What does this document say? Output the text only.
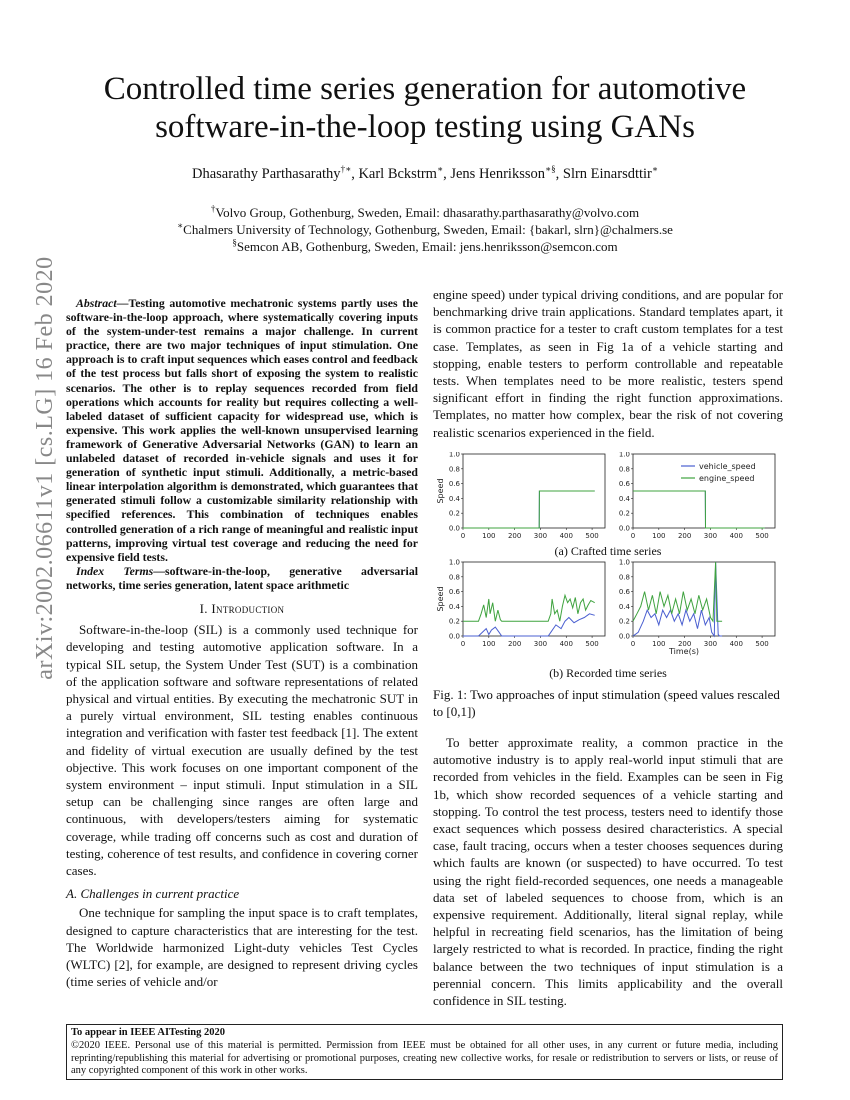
Controlled time series generation for automotive software-in-the-loop testing using GANs
Dhasarathy Parthasarathy†∗, Karl Bckstrm∗, Jens Henriksson∗§, Slrn Einarsdttir∗
†Volvo Group, Gothenburg, Sweden, Email: dhasarathy.parthasarathy@volvo.com
∗Chalmers University of Technology, Gothenburg, Sweden, Email: {bakarl, slrn}@chalmers.se
§Semcon AB, Gothenburg, Sweden, Email: jens.henriksson@semcon.com
arXiv:2002.06611v1 [cs.LG] 16 Feb 2020	Abstract—Testing automotive mechatronic systems partly uses the software-in-the-loop approach, where systematically covering inputs of the system-under-test remains a major challenge. In current practice, there are two major techniques of input stimulation. One approach is to craft input sequences which eases control and feedback of the test process but falls short of exposing the system to realistic scenarios. The other is to replay sequences recorded from field operations which accounts for reality but requires collecting a well-labeled dataset of sufficient capacity for widespread use, which is expensive. This work applies the well-known unsupervised learning framework of Generative Adversarial Networks (GAN) to learn an unlabeled dataset of recorded in-vehicle signals and uses it for generation of synthetic input stimuli. Additionally, a metric-based linear interpolation algorithm is demonstrated, which guarantees that generated stimuli follow a customizable similarity relationship with specified references. This combination of techniques enables controlled generation of a rich range of meaningful and realistic input patterns, improving virtual test coverage and reducing the need for expensive field tests.

Index Terms—software-in-the-loop, generative adversarial networks, time series generation, latent space arithmetic

I. Introduction

Software-in-the-loop (SIL) is a commonly used technique for developing and testing automotive application software. In a typical SIL setup, the System Under Test (SUT) is a combination of the application software and software representations of related physical and virtual entities. By executing the mechatronic SUT in a purely virtual environment, SIL testing enables continuous integration and verification with faster test feedback [1]. The extent and fidelity of virtual execution are usually defined by the test objective. This work focuses on one important component of the system environment – input stimuli. Input stimulation in a SIL setup can be challenging since ranges are often large and continuous, with developers/testers aiming for systematic coverage, while trading off concerns such as cost and duration of testing, coherence of test results, and confidence in covering corner cases.

A. Challenges in current practice

One technique for sampling the input space is to craft templates, designed to capture characteristics that are interesting for the test. The Worldwide harmonized Light-duty vehicles Test Cycles (WLTC) [2], for example, are designed to represent driving cycles (time series of vehicle and/or

engine speed) under typical driving conditions, and are popular for benchmarking drive train applications. Standard templates apart, it is common practice for a tester to craft custom templates for a test case. Templates, as seen in Fig 1a of a vehicle starting and stopping, enable testers to perform controllable and repeatable tests. When templates need to be more realistic, testers spend significant effort in finding the right function approximations. Templates, no matter how complex, bear the risk of not covering realistic scenarios experienced in the field.

0.0
0.2
0.4
0.6
0.8
1.0
0 100 200 300 400 500
0.0
0.2
0.4
0.6
0.8
1.0
0 100 200 300 400 500
0.0
0.2
0.4
0.6
0.8
1.0
0 100 200 300 400 500
0.0
0.2
0.4
0.6
0.8
1.0
0 100 200 300 400 500
Speed
Speed
Time(s)
vehicle_speed
engine_speed
(a) Crafted time series
(b) Recorded time series
Fig. 1: Two approaches of input stimulation (speed values rescaled to [0,1])

To better approximate reality, a common practice in the automotive industry is to apply real-world input stimuli that are recorded from vehicles in the field. Examples can be seen in Fig 1b, which show recorded sequences of a vehicle starting and stopping. To control the test process, testers need to identify those exact sequences which possess desired characteristics. A special case, fault tracing, occurs when a tester chooses sequences during which faults are known (or suspected) to have occurred. To test using the right field-recorded sequences, one needs a manageable data set of labeled sequences to choose from, which is an expensive requirement. Additionally, literal signal replay, while helpful in recreating field scenarios, has the limitation of being largely restricted to what is recorded. In practice, finding the right balance between the two techniques of input stimulation is a perennial concern. This limits applicability and the overall confidence in SIL testing.

To appear in IEEE AITesting 2020
©2020 IEEE. Personal use of this material is permitted. Permission from IEEE must be obtained for all other uses, in any current or future media, including reprinting/republishing this material for advertising or promotional purposes, creating new collective works, for resale or redistribution to servers or lists, or reuse of any copyrighted component of this work in other works.
